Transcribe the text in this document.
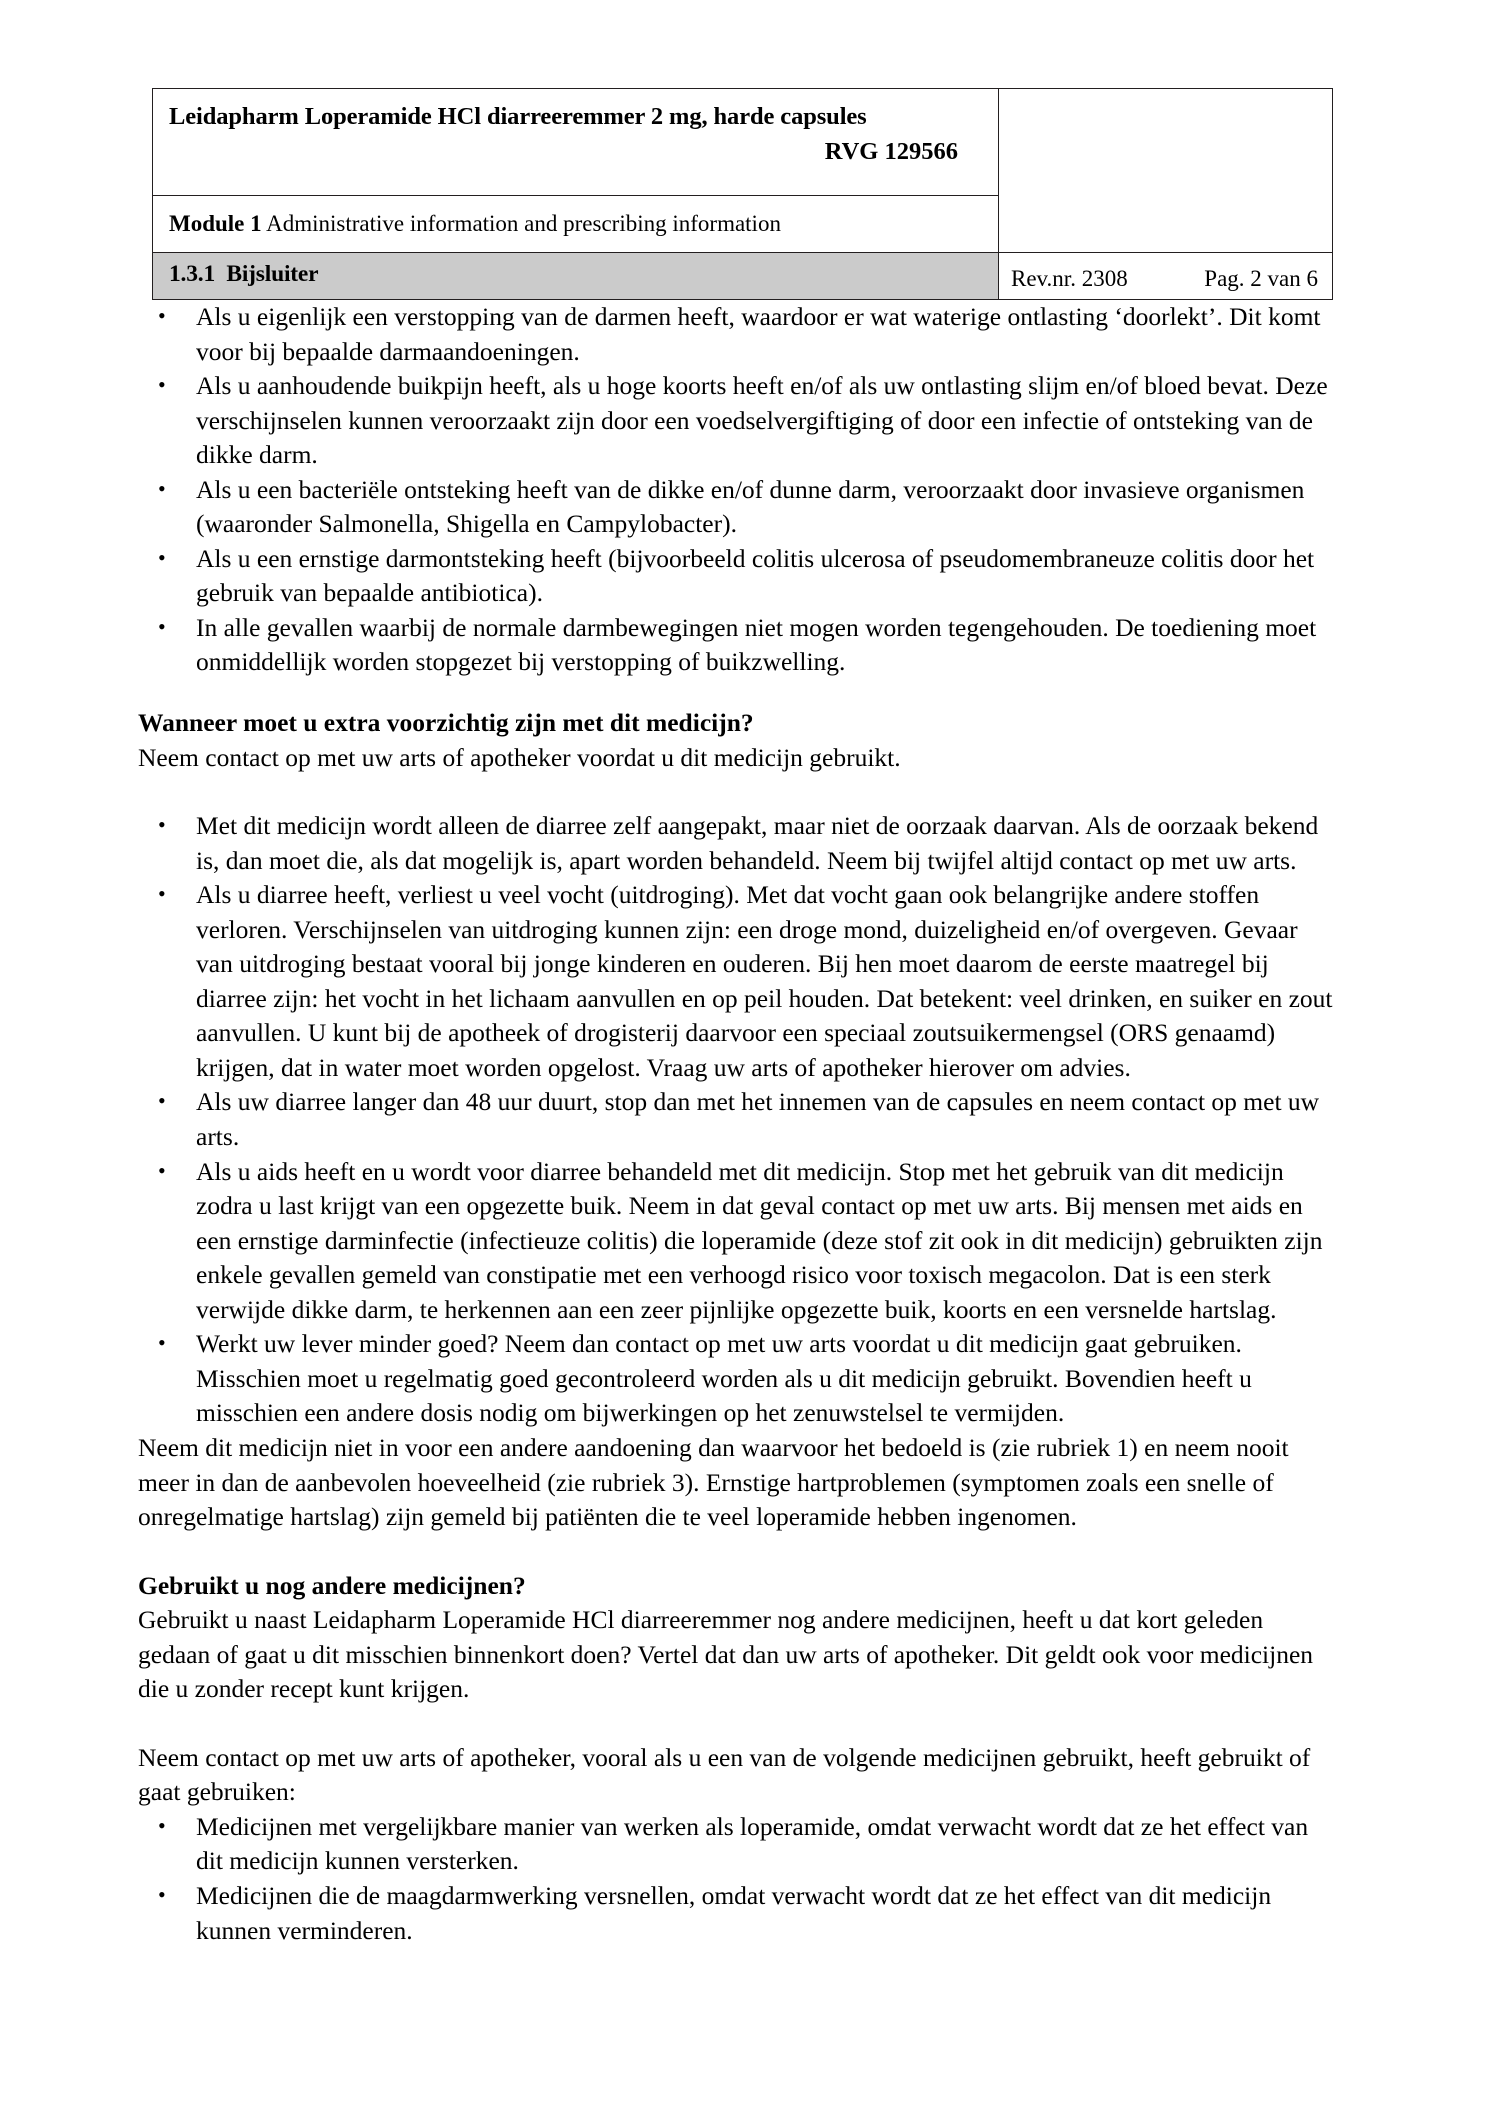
Leidapharm Loperamide HCl diarreeremmer 2 mg, harde capsules
RVG 129566	

Module 1 Administrative information and prescribing information	

1.3.1 Bijsluiter	Rev.nr. 2308 Pag. 2 van 6
• Als u eigenlijk een verstopping van de darmen heeft, waardoor er wat waterige ontlasting ‘doorlekt’. Dit komt voor bij bepaalde darmaandoeningen.
• Als u aanhoudende buikpijn heeft, als u hoge koorts heeft en/of als uw ontlasting slijm en/of bloed bevat. Deze verschijnselen kunnen veroorzaakt zijn door een voedselvergiftiging of door een infectie of ontsteking van de dikke darm.
• Als u een bacteriële ontsteking heeft van de dikke en/of dunne darm, veroorzaakt door invasieve organismen (waaronder Salmonella, Shigella en Campylobacter).
• Als u een ernstige darmontsteking heeft (bijvoorbeeld colitis ulcerosa of pseudomembraneuze colitis door het gebruik van bepaalde antibiotica).
• In alle gevallen waarbij de normale darmbewegingen niet mogen worden tegengehouden. De toediening moet onmiddellijk worden stopgezet bij verstopping of buikzwelling.

Wanneer moet u extra voorzichtig zijn met dit medicijn?

Neem contact op met uw arts of apotheker voordat u dit medicijn gebruikt.

• Met dit medicijn wordt alleen de diarree zelf aangepakt, maar niet de oorzaak daarvan. Als de oorzaak bekend is, dan moet die, als dat mogelijk is, apart worden behandeld. Neem bij twijfel altijd contact op met uw arts.
• Als u diarree heeft, verliest u veel vocht (uitdroging). Met dat vocht gaan ook belangrijke andere stoffen verloren. Verschijnselen van uitdroging kunnen zijn: een droge mond, duizeligheid en/of overgeven. Gevaar van uitdroging bestaat vooral bij jonge kinderen en ouderen. Bij hen moet daarom de eerste maatregel bij diarree zijn: het vocht in het lichaam aanvullen en op peil houden. Dat betekent: veel drinken, en suiker en zout aanvullen. U kunt bij de apotheek of drogisterij daarvoor een speciaal zoutsuikermengsel (ORS genaamd) krijgen, dat in water moet worden opgelost. Vraag uw arts of apotheker hierover om advies.
• Als uw diarree langer dan 48 uur duurt, stop dan met het innemen van de capsules en neem contact op met uw arts.
• Als u aids heeft en u wordt voor diarree behandeld met dit medicijn. Stop met het gebruik van dit medicijn zodra u last krijgt van een opgezette buik. Neem in dat geval contact op met uw arts. Bij mensen met aids en een ernstige darminfectie (infectieuze colitis) die loperamide (deze stof zit ook in dit medicijn) gebruikten zijn enkele gevallen gemeld van constipatie met een verhoogd risico voor toxisch megacolon. Dat is een sterk verwijde dikke darm, te herkennen aan een zeer pijnlijke opgezette buik, koorts en een versnelde hartslag.
• Werkt uw lever minder goed? Neem dan contact op met uw arts voordat u dit medicijn gaat gebruiken. Misschien moet u regelmatig goed gecontroleerd worden als u dit medicijn gebruikt. Bovendien heeft u misschien een andere dosis nodig om bijwerkingen op het zenuwstelsel te vermijden.

Neem dit medicijn niet in voor een andere aandoening dan waarvoor het bedoeld is (zie rubriek 1) en neem nooit meer in dan de aanbevolen hoeveelheid (zie rubriek 3). Ernstige hartproblemen (symptomen zoals een snelle of onregelmatige hartslag) zijn gemeld bij patiënten die te veel loperamide hebben ingenomen.

Gebruikt u nog andere medicijnen?

Gebruikt u naast Leidapharm Loperamide HCl diarreeremmer nog andere medicijnen, heeft u dat kort geleden gedaan of gaat u dit misschien binnenkort doen? Vertel dat dan uw arts of apotheker. Dit geldt ook voor medicijnen die u zonder recept kunt krijgen.

Neem contact op met uw arts of apotheker, vooral als u een van de volgende medicijnen gebruikt, heeft gebruikt of gaat gebruiken:

• Medicijnen met vergelijkbare manier van werken als loperamide, omdat verwacht wordt dat ze het effect van dit medicijn kunnen versterken.
• Medicijnen die de maagdarmwerking versnellen, omdat verwacht wordt dat ze het effect van dit medicijn kunnen verminderen.
